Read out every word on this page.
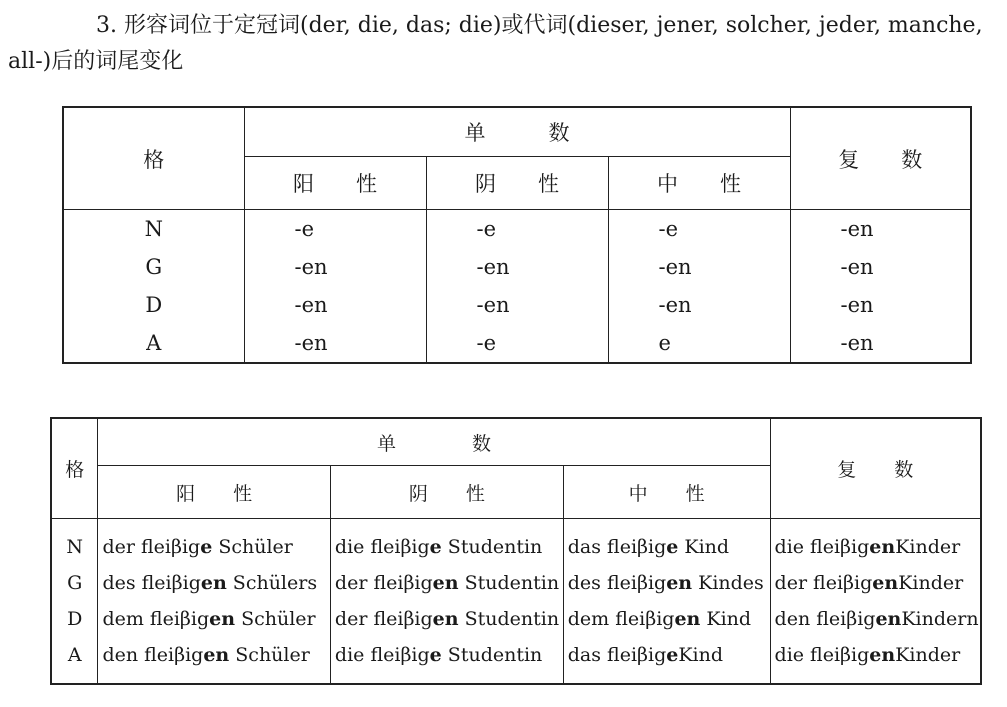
3. 形容词位于定冠词(der, die, das; die)或代词(dieser, jener, solcher, jeder, manche, all-)后的词尾变化

格	单　　　数			复　　数
	阳　　性	阴　　性	中　　性	
N	-e	-e	-e	-en
G	-en	-en	-en	-en
D	-en	-en	-en	-en
A	-en	-e	e	-en
格	单　　　　数			复　　数
	阳　　性	阴　　性	中　　性	
N	der fleiβige Schüler	die fleiβige Studentin	das fleiβige Kind	die fleiβigenKinder
G	des fleiβigen Schülers	der fleiβigen Studentin	des fleiβigen Kindes	der fleiβigenKinder
D	dem fleiβigen Schüler	der fleiβigen Studentin	dem fleiβigen Kind	den fleiβigenKindern
A	den fleiβigen Schüler	die fleiβige Studentin	das fleiβigeKind	die fleiβigenKinder
